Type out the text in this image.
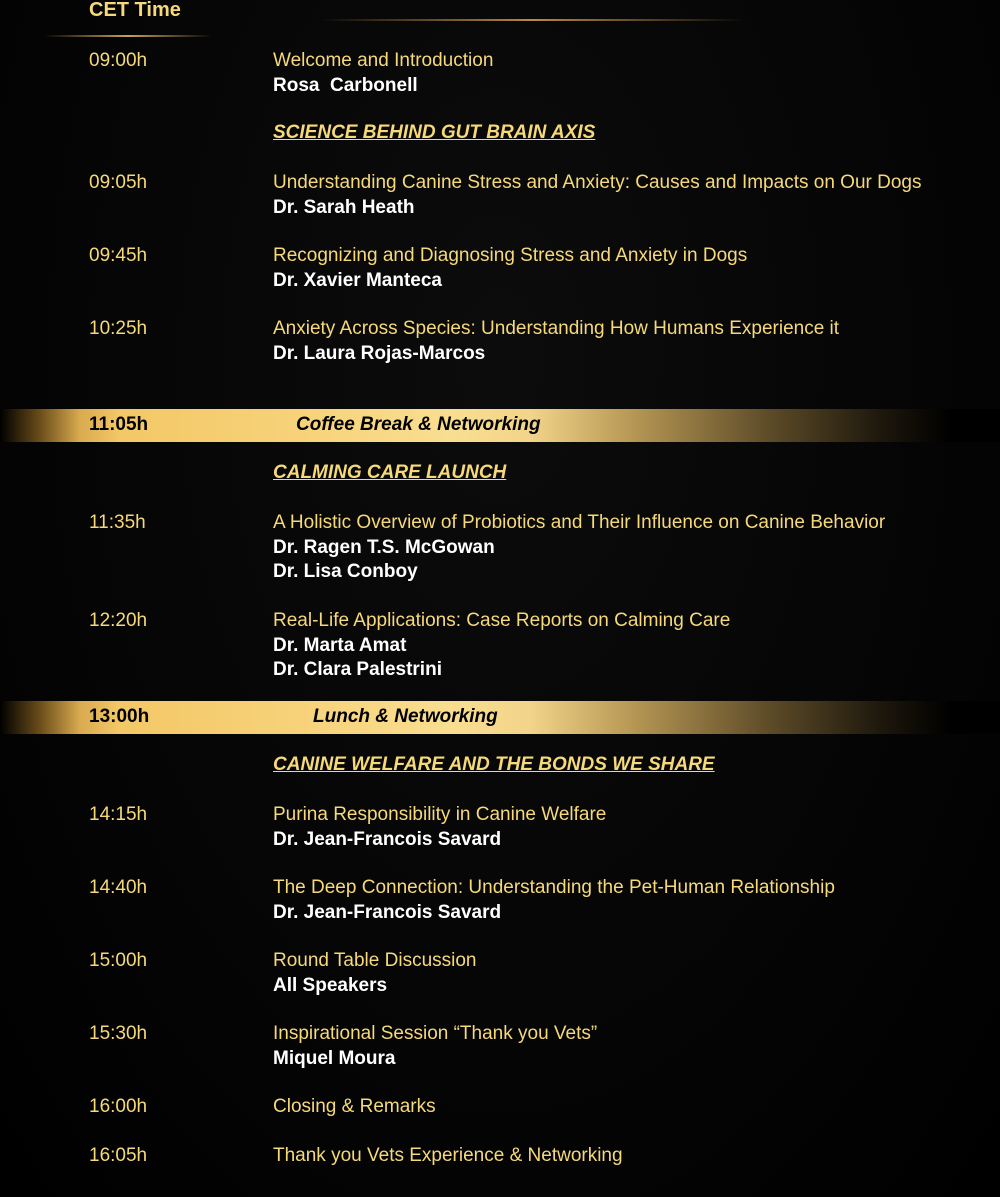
CET Time
09:00h	Welcome and Introduction
Rosa  Carbonell
SCIENCE BEHIND GUT BRAIN AXIS
09:05h	Understanding Canine Stress and Anxiety: Causes and Impacts on Our Dogs
Dr. Sarah Heath
09:45h	Recognizing and Diagnosing Stress and Anxiety in Dogs
Dr. Xavier Manteca
10:25h	Anxiety Across Species: Understanding How Humans Experience it
Dr. Laura Rojas-Marcos
11:05h	Coffee Break & Networking
CALMING CARE LAUNCH
11:35h	A Holistic Overview of Probiotics and Their Influence on Canine Behavior
Dr. Ragen T.S. McGowan
Dr. Lisa Conboy
12:20h	Real-Life Applications: Case Reports on Calming Care
Dr. Marta Amat
Dr. Clara Palestrini
13:00h	Lunch & Networking
CANINE WELFARE AND THE BONDS WE SHARE
14:15h	Purina Responsibility in Canine Welfare
Dr. Jean-Francois Savard
14:40h	The Deep Connection: Understanding the Pet-Human Relationship
Dr. Jean-Francois Savard
15:00h	Round Table Discussion
All Speakers
15:30h	Inspirational Session “Thank you Vets”
Miquel Moura
16:00h	Closing & Remarks
16:05h	Thank you Vets Experience & Networking
